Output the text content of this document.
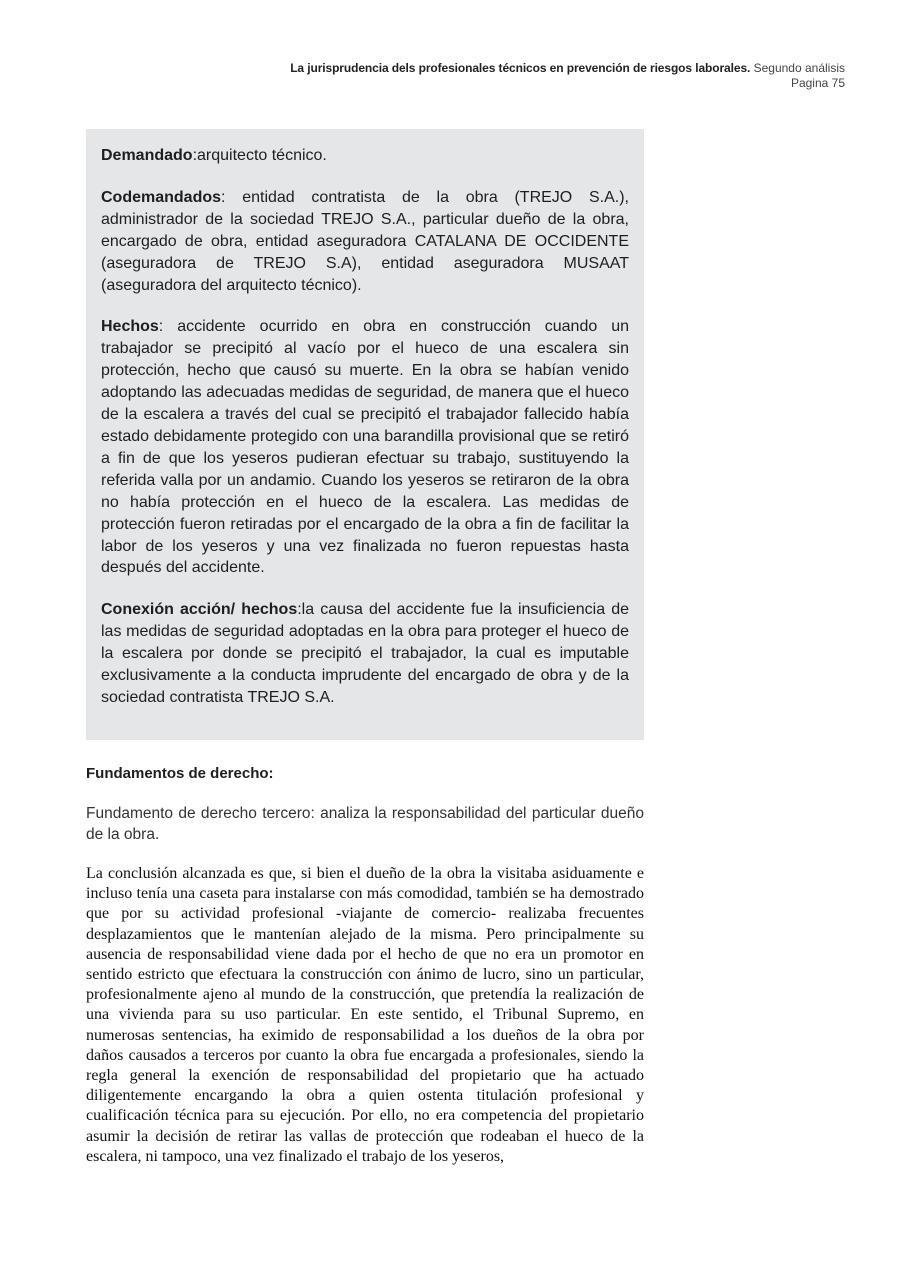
La jurisprudencia dels profesionales técnicos en prevención de riesgos laborales. Segundo análisis
Pagina 75

Demandado:arquitecto técnico.

Codemandados: entidad contratista de la obra (TREJO S.A.), administrador de la sociedad TREJO S.A., particular dueño de la obra, encargado de obra, entidad aseguradora CATALANA DE OCCIDENTE (aseguradora de TREJO S.A), entidad aseguradora MUSAAT (aseguradora del arquitecto técnico).

Hechos: accidente ocurrido en obra en construcción cuando un trabajador se precipitó al vacío por el hueco de una escalera sin protección, hecho que causó su muerte. En la obra se habían venido adoptando las adecuadas medidas de seguridad, de manera que el hueco de la escalera a través del cual se precipitó el trabajador fallecido había estado debidamente protegido con una barandilla provisional que se retiró a fin de que los yeseros pudieran efectuar su trabajo, sustituyendo la referida valla por un andamio. Cuando los yeseros se retiraron de la obra no había protección en el hueco de la escalera. Las medidas de protección fueron retiradas por el encargado de la obra a fin de facilitar la labor de los yeseros y una vez finalizada no fueron repuestas hasta después del accidente.

Conexión acción/ hechos:la causa del accidente fue la insuficiencia de las medidas de seguridad adoptadas en la obra para proteger el hueco de la escalera por donde se precipitó el trabajador, la cual es imputable exclusivamente a la conducta imprudente del encargado de obra y de la sociedad contratista TREJO S.A.

Fundamentos de derecho:

Fundamento de derecho tercero: analiza la responsabilidad del particular dueño de la obra.

La conclusión alcanzada es que, si bien el dueño de la obra la visitaba asiduamente e incluso tenía una caseta para instalarse con más comodidad, también se ha demostrado que por su actividad profesional -viajante de comercio- realizaba frecuentes desplazamientos que le mantenían alejado de la misma. Pero principalmente su ausencia de responsabilidad viene dada por el hecho de que no era un promotor en sentido estricto que efectuara la construcción con ánimo de lucro, sino un particular, profesionalmente ajeno al mundo de la construcción, que pretendía la realización de una vivienda para su uso particular. En este sentido, el Tribunal Supremo, en numerosas sentencias, ha eximido de responsabilidad a los dueños de la obra por daños causados a terceros por cuanto la obra fue encargada a profesionales, siendo la regla general la exención de responsabilidad del propietario que ha actuado diligentemente encargando la obra a quien ostenta titulación profesional y cualificación técnica para su ejecución. Por ello, no era competencia del propietario asumir la decisión de retirar las vallas de protección que rodeaban el hueco de la escalera, ni tampoco, una vez finalizado el trabajo de los yeseros,
